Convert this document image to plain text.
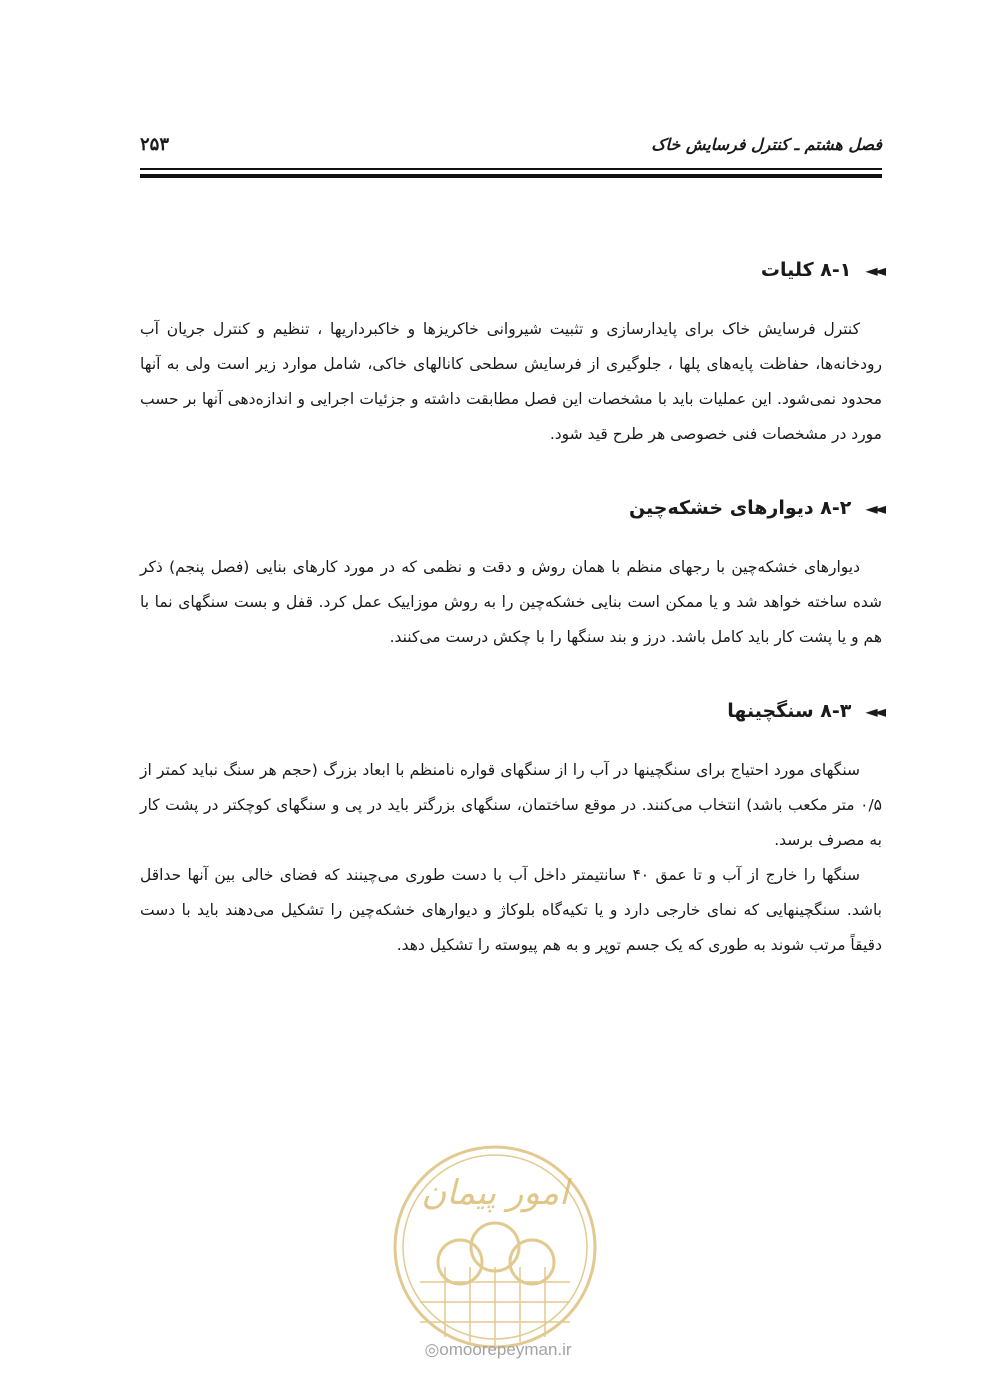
فصل هشتم ـ کنترل فرسایش خاک
۲۵۳
◄◄
۸-۱ کلیات

کنترل فرسایش خاک برای پایدارسازی و تثبیت شیروانی خاکریزها و خاکبرداریها ، تنظیم و کنترل جریان آب رودخانه‌ها، حفاظت پایه‌های پلها ، جلوگیری از فرسایش سطحی کانالهای خاکی، شامل موارد زیر است ولی به آنها محدود نمی‌شود. این عملیات باید با مشخصات این فصل مطابقت داشته و جزئیات اجرایی و اندازه‌دهی آنها بر حسب مورد در مشخصات فنی خصوصی هر طرح قید شود.

◄◄
۸-۲ دیوارهای خشکه‌چین

دیوارهای خشکه‌چین با رجهای منظم با همان روش و دقت و نظمی که در مورد کارهای بنایی (فصل پنجم) ذکر شده ساخته خواهد شد و یا ممکن است بنایی خشکه‌چین را به روش موزاییک عمل کرد. قفل و بست سنگهای نما با هم و یا پشت کار باید کامل باشد. درز و بند سنگها را با چکش درست می‌کنند.

◄◄
۸-۳ سنگچینها

سنگهای مورد احتیاج برای سنگچینها در آب را از سنگهای قواره نامنظم با ابعاد بزرگ (حجم هر سنگ نباید کمتر از ۰/۵ متر مکعب باشد) انتخاب می‌کنند. در موقع ساختمان، سنگهای بزرگتر باید در پی و سنگهای کوچکتر در پشت کار به مصرف برسد.

سنگها را خارج از آب و تا عمق ۴۰ سانتیمتر داخل آب با دست طوری می‌چینند که فضای خالی بین آنها حداقل باشد. سنگچینهایی که نمای خارجی دارد و یا تکیه‌گاه بلوکاژ و دیوارهای خشکه‌چین را تشکیل می‌دهند باید با دست دقیقاً مرتب شوند به طوری که یک جسم توپر و به هم پیوسته را تشکیل دهد.

امور پیمان
◎omoorepeyman.ir
